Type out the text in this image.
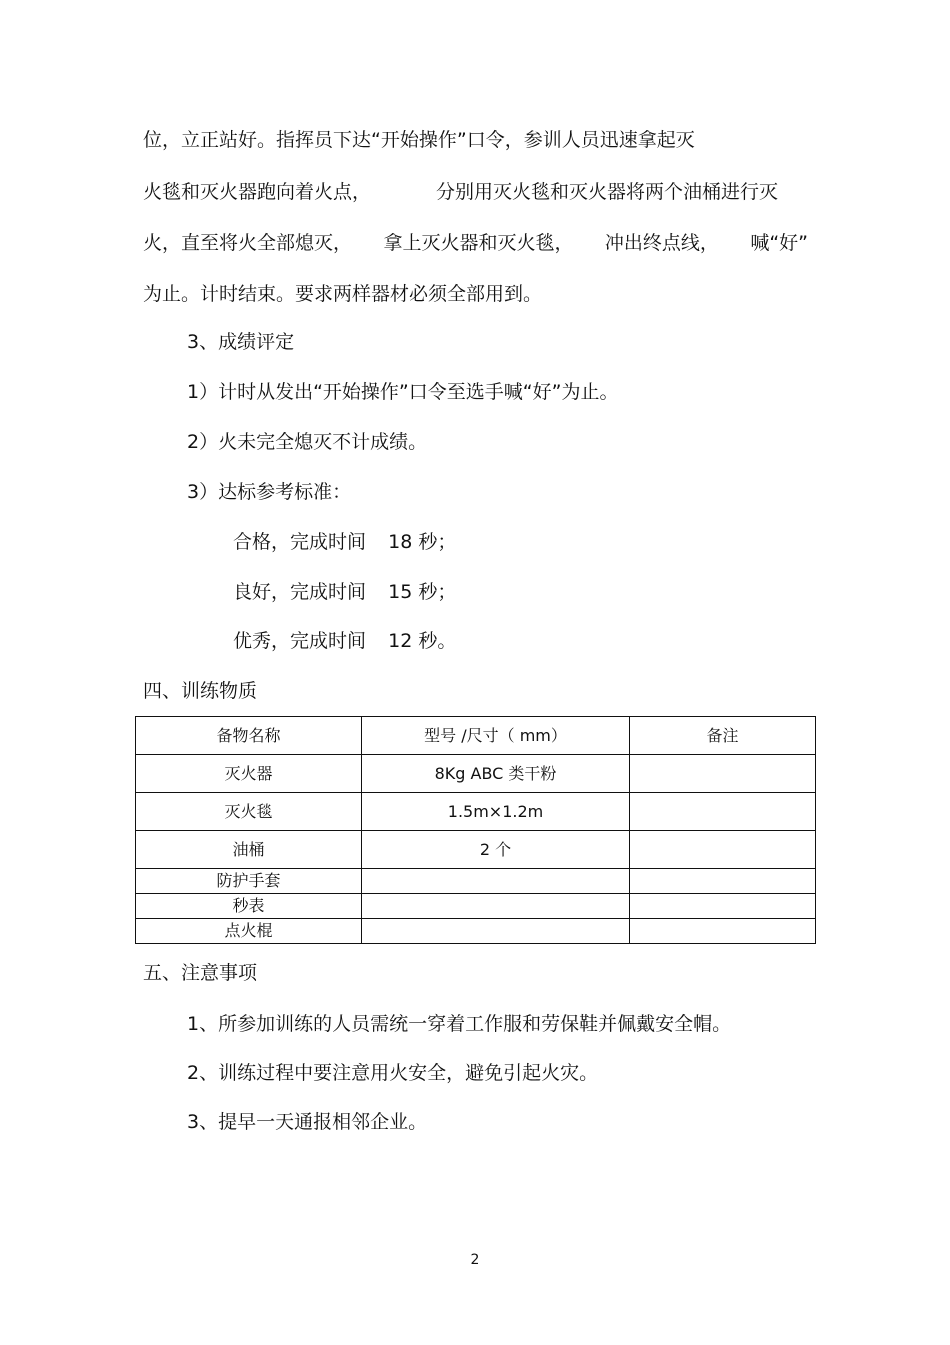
位，立正站好。指挥员下达“开始操作”口令，参训人员迅速拿起灭
火毯和灭火器跑向着火点，	分别用灭火毯和灭火器将两个油桶进行灭
火，直至将火全部熄灭， 拿上灭火器和灭火毯， 冲出终点线， 喊“好”
为止。计时结束。要求两样器材必须全部用到。
3、成绩评定
1）计时从发出“开始操作”口令至选手喊“好”为止。
2）火未完全熄灭不计成绩。
3）达标参考标准：
合格，完成时间 18 秒；
良好，完成时间 15 秒；
优秀，完成时间 12 秒。
四、训练物质
备物名称	型号 /尺寸（ mm）	备注
灭火器	8Kg ABC 类干粉	
灭火毯	1.5m×1.2m	
油桶	2 个	
防护手套		
秒表		
点火棍		
五、注意事项
1、所参加训练的人员需统一穿着工作服和劳保鞋并佩戴安全帽。
2、训练过程中要注意用火安全，避免引起火灾。
3、提早一天通报相邻企业。
2
